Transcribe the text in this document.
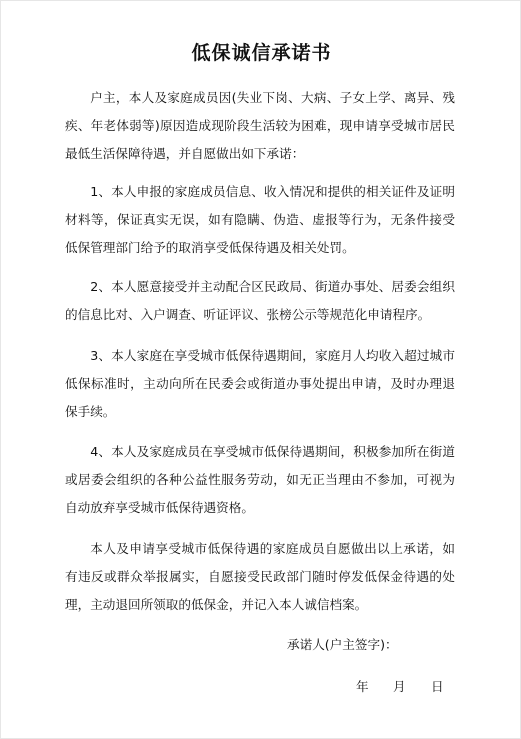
低保诚信承诺书

户主，本人及家庭成员因(失业下岗、大病、子女上学、离异、残疾、年老体弱等)原因造成现阶段生活较为困难，现申请享受城市居民最低生活保障待遇，并自愿做出如下承诺：

1、本人申报的家庭成员信息、收入情况和提供的相关证件及证明材料等，保证真实无误，如有隐瞒、伪造、虚报等行为，无条件接受低保管理部门给予的取消享受低保待遇及相关处罚。

2、本人愿意接受并主动配合区民政局、街道办事处、居委会组织的信息比对、入户调查、听证评议、张榜公示等规范化申请程序。

3、本人家庭在享受城市低保待遇期间，家庭月人均收入超过城市低保标准时，主动向所在民委会或街道办事处提出申请，及时办理退保手续。

4、本人及家庭成员在享受城市低保待遇期间，积极参加所在街道或居委会组织的各种公益性服务劳动，如无正当理由不参加，可视为自动放弃享受城市低保待遇资格。

本人及申请享受城市低保待遇的家庭成员自愿做出以上承诺，如有违反或群众举报属实，自愿接受民政部门随时停发低保金待遇的处理，主动退回所领取的低保金，并记入本人诚信档案。

承诺人(户主签字)：
年 月 日
